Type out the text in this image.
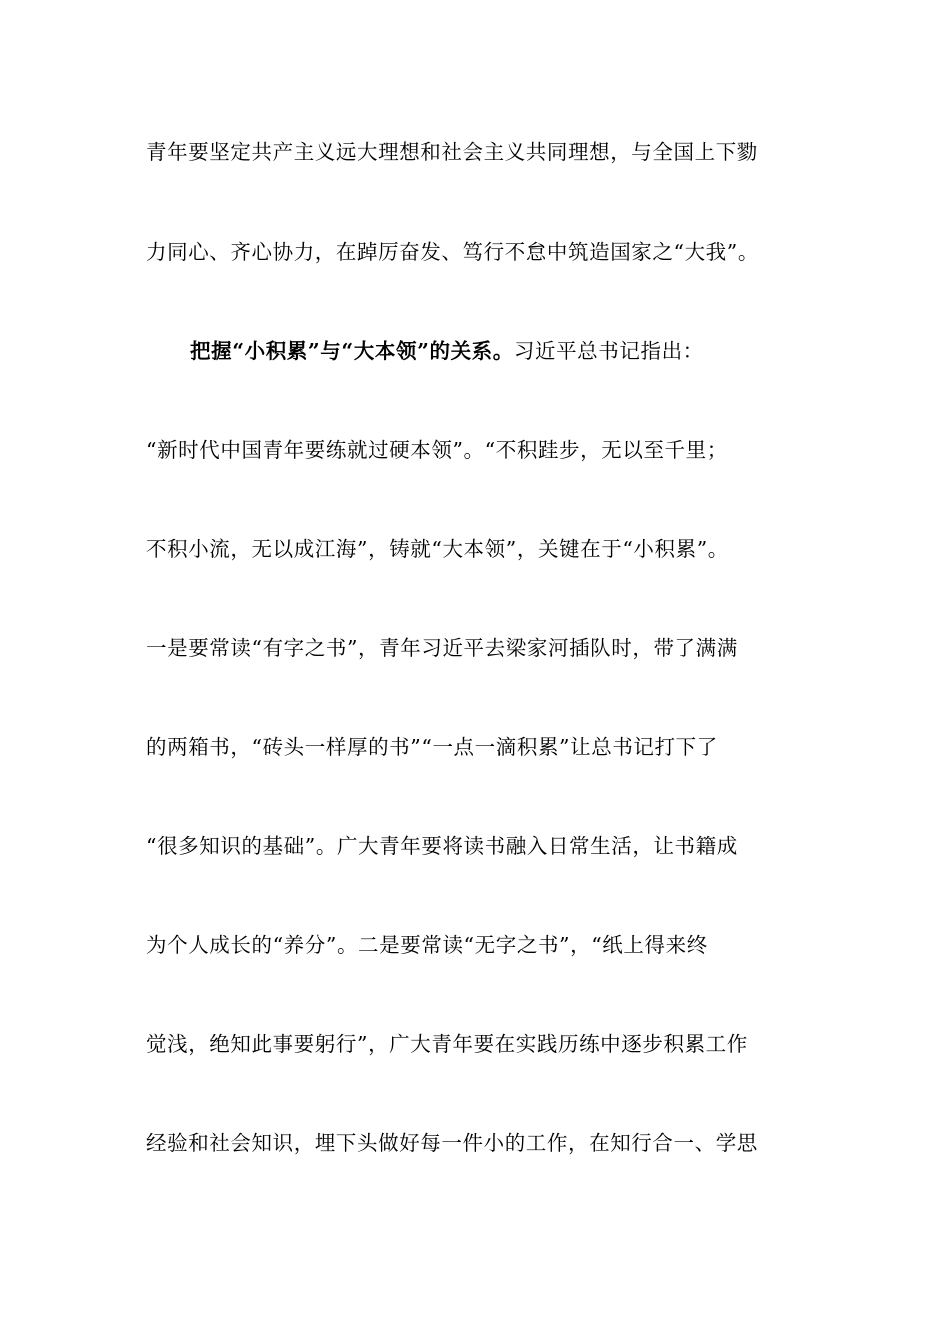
青年要坚定共产主义远大理想和社会主义共同理想，与全国上下勠
力同心、齐心协力，在踔厉奋发、笃行不怠中筑造国家之“大我”。
把握“小积累”与“大本领”的关系。习近平总书记指出：
“新时代中国青年要练就过硬本领”。“不积跬步，无以至千里；
不积小流，无以成江海”，铸就“大本领”，关键在于“小积累”。
一是要常读“有字之书”，青年习近平去梁家河插队时，带了满满
的两箱书，“砖头一样厚的书”“一点一滴积累”让总书记打下了
“很多知识的基础”。广大青年要将读书融入日常生活，让书籍成
为个人成长的“养分”。二是要常读“无字之书”，“纸上得来终
觉浅，绝知此事要躬行”，广大青年要在实践历练中逐步积累工作
经验和社会知识，埋下头做好每一件小的工作，在知行合一、学思
